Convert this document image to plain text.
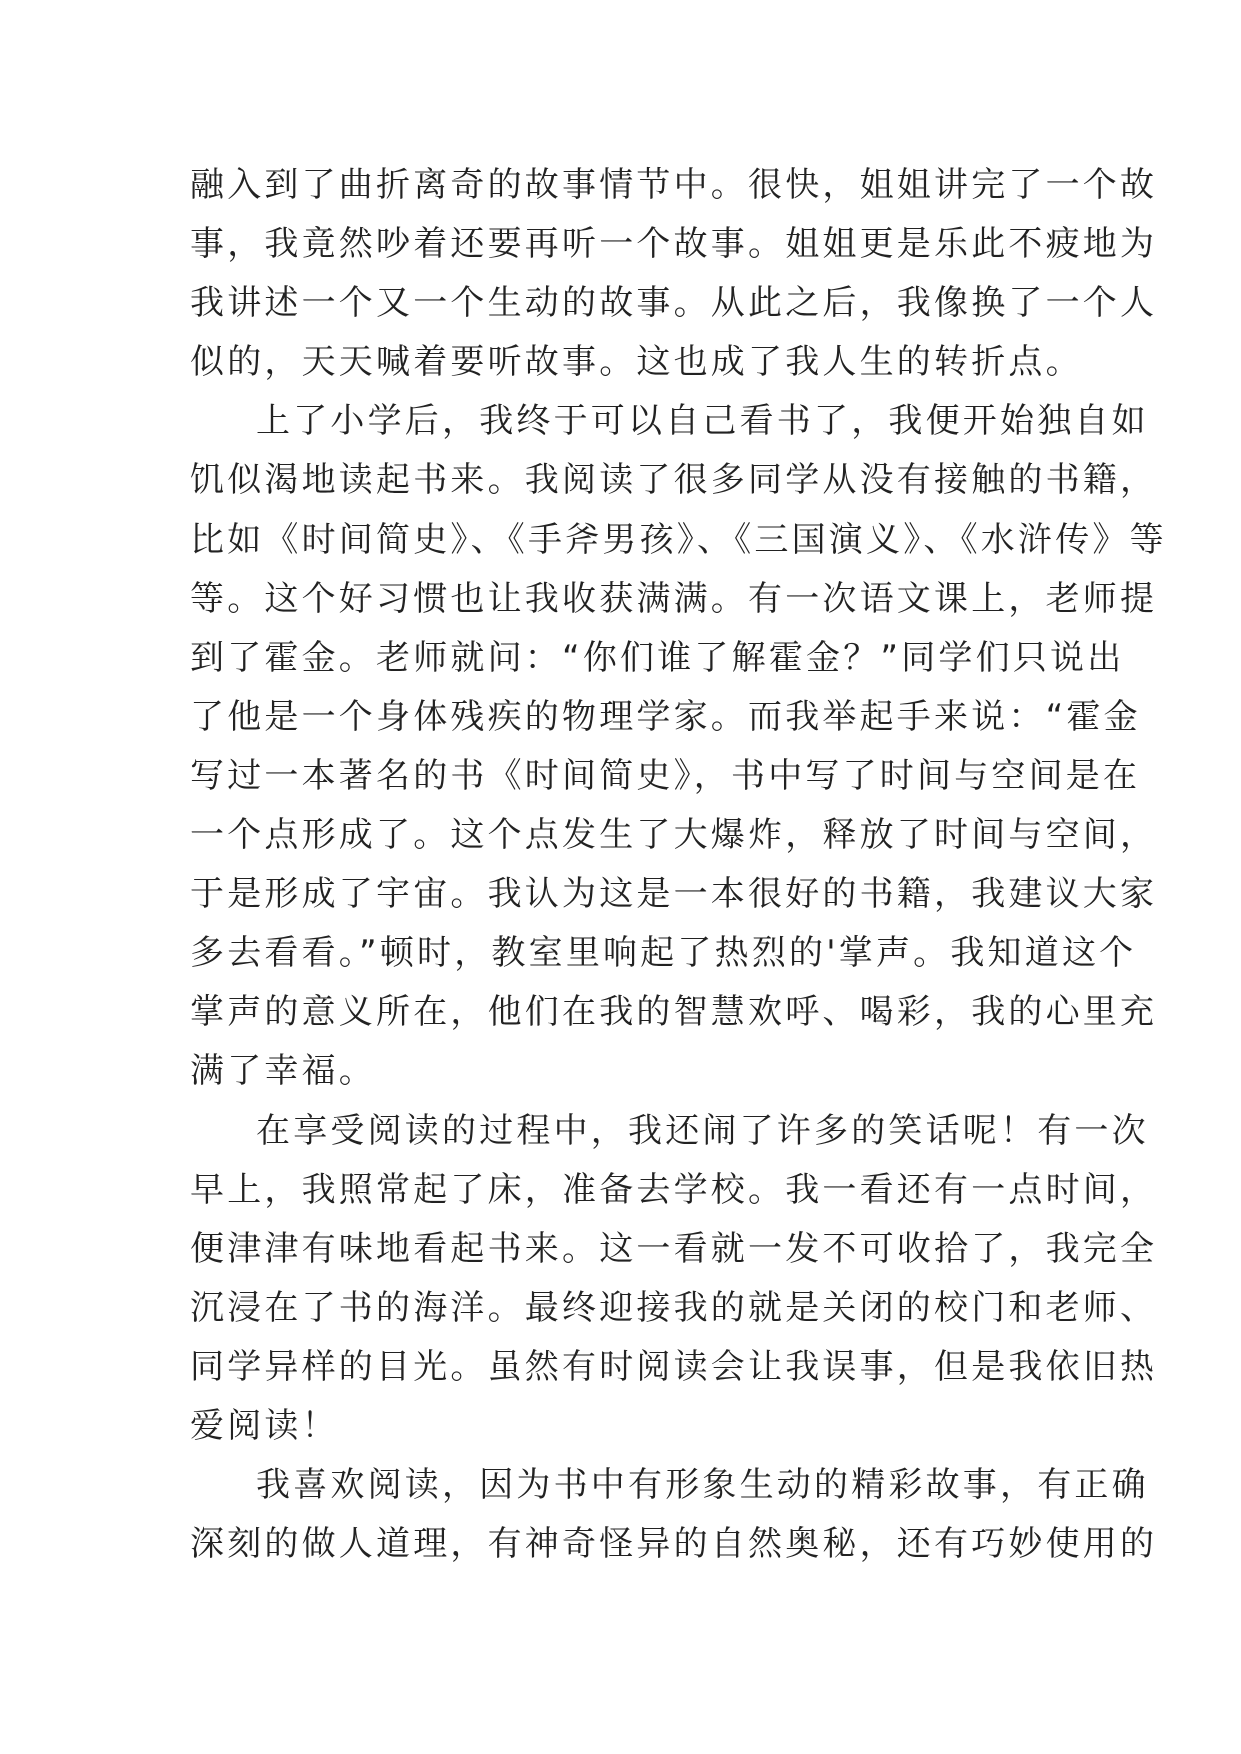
融入到了曲折离奇的故事情节中。很快，姐姐讲完了一个故
事，我竟然吵着还要再听一个故事。姐姐更是乐此不疲地为
我讲述一个又一个生动的故事。从此之后，我像换了一个人
似的，天天喊着要听故事。这也成了我人生的转折点。
上了小学后，我终于可以自己看书了，我便开始独自如
饥似渴地读起书来。我阅读了很多同学从没有接触的书籍，
比如《时间简史》、《手斧男孩》、《三国演义》、《水浒传》等
等。这个好习惯也让我收获满满。有一次语文课上，老师提
到了霍金。老师就问：“你们谁了解霍金？”同学们只说出
了他是一个身体残疾的物理学家。而我举起手来说：“霍金
写过一本著名的书《时间简史》，书中写了时间与空间是在
一个点形成了。这个点发生了大爆炸，释放了时间与空间，
于是形成了宇宙。我认为这是一本很好的书籍，我建议大家
多去看看。”顿时，教室里响起了热烈的'掌声。我知道这个
掌声的意义所在，他们在我的智慧欢呼、喝彩，我的心里充
满了幸福。
在享受阅读的过程中，我还闹了许多的笑话呢！有一次
早上，我照常起了床，准备去学校。我一看还有一点时间，
便津津有味地看起书来。这一看就一发不可收拾了，我完全
沉浸在了书的海洋。最终迎接我的就是关闭的校门和老师、
同学异样的目光。虽然有时阅读会让我误事，但是我依旧热
爱阅读！
我喜欢阅读，因为书中有形象生动的精彩故事，有正确
深刻的做人道理，有神奇怪异的自然奥秘，还有巧妙使用的
